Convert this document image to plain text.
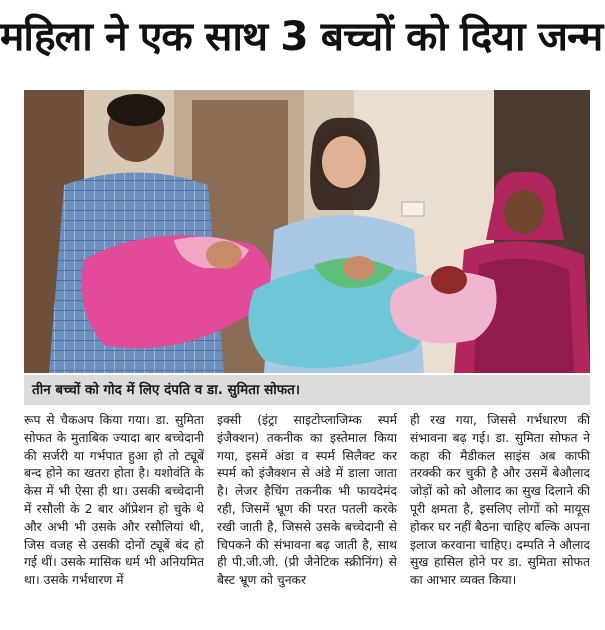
महिला ने एक साथ 3 बच्चों को दिया जन्म
तीन बच्चों को गोद में लिए दंपति व डा. सुमिता सोफत।
रूप से चैकअप किया गया। डा. सुमिता सोफत के मुताबिक ज्यादा बार बच्चेदानी की सर्जरी या गर्भपात हुआ हो तो ट्यूबें बन्द होने का खतरा होता है। यशोवंति के केस में भी ऐसा ही था। उसकी बच्चेदानी में रसौली के 2 बार ऑप्रेशन हो चुके थे और अभी भी उसके और रसौलियां थी, जिस वजह से उसकी दोनों ट्यूबें बंद हो गई थीं। उसके मासिक धर्म भी अनियमित था। उसके गर्भधारण में
इक्सी (इंट्रा साइटोप्लाजिम्क स्पर्म इंजैक्शन) तकनीक का इस्तेमाल किया गया, इसमें अंडा व स्पर्म सिलैक्ट कर स्पर्म को इंजैक्शन से अंडे में डाला जाता है। लेजर हैचिंग तकनीक भी फायदेमंद रही, जिसमें भ्रूण की परत पतली करके रखी जाती है, जिससे उसके बच्चेदानी से चिपकने की संभावना बढ़ जाती है, साथ ही पी.जी.जी. (प्री जैनेटिक स्क्रीनिंग) से बैस्ट भ्रूण को चुनकर
ही रख गया, जिससे गर्भधारण की संभावना बढ़ गई। डा. सुमिता सोफत ने कहा की मैडीकल साइंस अब काफी तरक्की कर चुकी है और उसमें बेऔलाद जोड़ों को को औलाद का सुख दिलाने की पूरी क्षमता है, इसलिए लोगों को मायूस होकर घर नहीं बैठना चाहिए बल्कि अपना इलाज करवाना चाहिए। दम्पति ने औलाद सुख हासिल होने पर डा. सुमिता सोफत का आभार व्यक्त किया।
